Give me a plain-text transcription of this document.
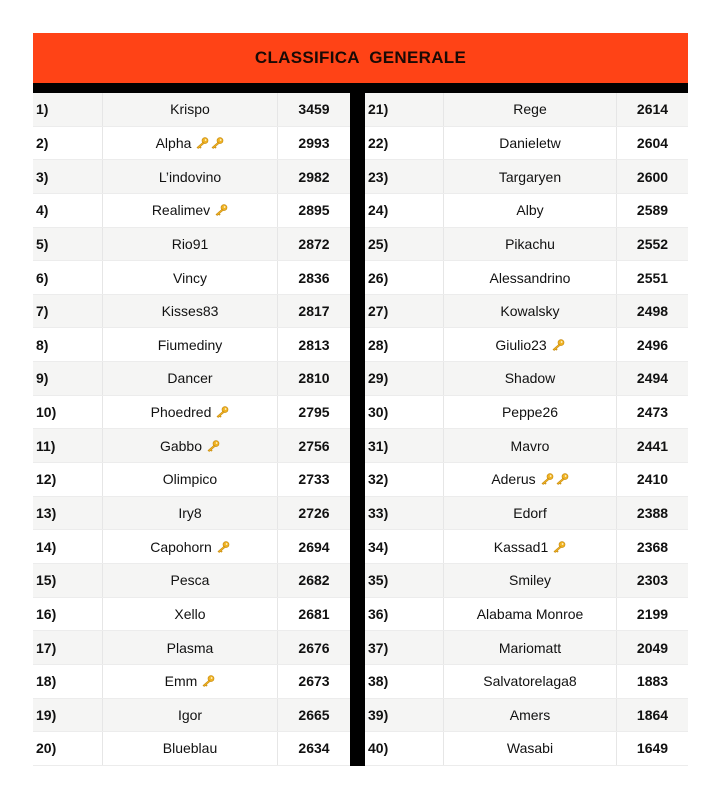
CLASSIFICA GENERALE
1)	Krispo	3459
2)	Alpha	2993
3)	L’indovino	2982
4)	Realimev	2895
5)	Rio91	2872
6)	Vincy	2836
7)	Kisses83	2817
8)	Fiumediny	2813
9)	Dancer	2810
10)	Phoedred	2795
11)	Gabbo	2756
12)	Olimpico	2733
13)	Iry8	2726
14)	Capohorn	2694
15)	Pesca	2682
16)	Xello	2681
17)	Plasma	2676
18)	Emm	2673
19)	Igor	2665
20)	Blueblau	2634
21)	Rege	2614
22)	Danieletw	2604
23)	Targaryen	2600
24)	Alby	2589
25)	Pikachu	2552
26)	Alessandrino	2551
27)	Kowalsky	2498
28)	Giulio23	2496
29)	Shadow	2494
30)	Peppe26	2473
31)	Mavro	2441
32)	Aderus	2410
33)	Edorf	2388
34)	Kassad1	2368
35)	Smiley	2303
36)	Alabama Monroe	2199
37)	Mariomatt	2049
38)	Salvatorelaga8	1883
39)	Amers	1864
40)	Wasabi	1649
